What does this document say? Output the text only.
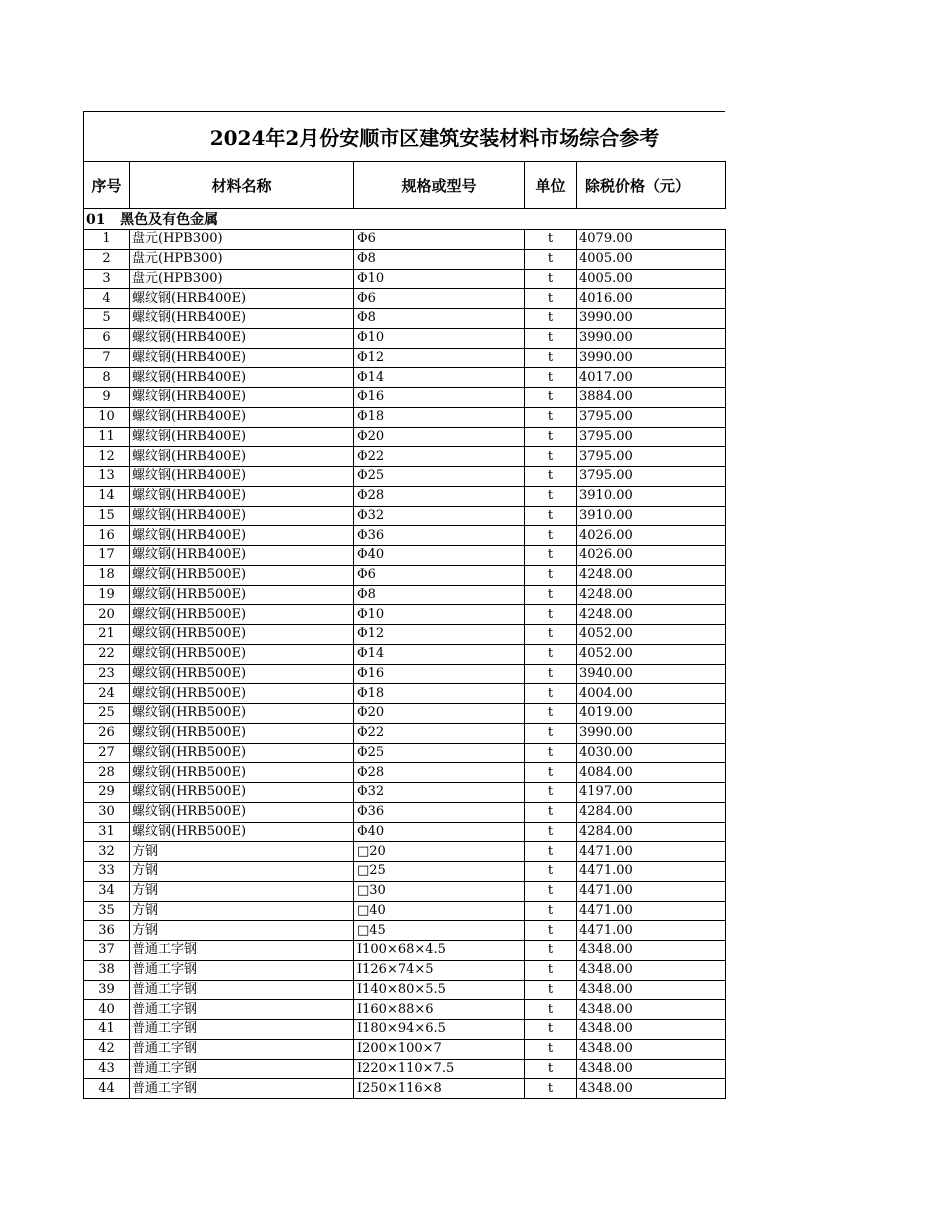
2024年2月份安顺市区建筑安装材料市场综合参考
序号	材料名称	规格或型号	单位	除税价格（元）
01 黑色及有色金属				
1	盘元(HPB300)	Φ6	t	4079.00
2	盘元(HPB300)	Φ8	t	4005.00
3	盘元(HPB300)	Φ10	t	4005.00
4	螺纹钢(HRB400E)	Φ6	t	4016.00
5	螺纹钢(HRB400E)	Φ8	t	3990.00
6	螺纹钢(HRB400E)	Φ10	t	3990.00
7	螺纹钢(HRB400E)	Φ12	t	3990.00
8	螺纹钢(HRB400E)	Φ14	t	4017.00
9	螺纹钢(HRB400E)	Φ16	t	3884.00
10	螺纹钢(HRB400E)	Φ18	t	3795.00
11	螺纹钢(HRB400E)	Φ20	t	3795.00
12	螺纹钢(HRB400E)	Φ22	t	3795.00
13	螺纹钢(HRB400E)	Φ25	t	3795.00
14	螺纹钢(HRB400E)	Φ28	t	3910.00
15	螺纹钢(HRB400E)	Φ32	t	3910.00
16	螺纹钢(HRB400E)	Φ36	t	4026.00
17	螺纹钢(HRB400E)	Φ40	t	4026.00
18	螺纹钢(HRB500E)	Φ6	t	4248.00
19	螺纹钢(HRB500E)	Φ8	t	4248.00
20	螺纹钢(HRB500E)	Φ10	t	4248.00
21	螺纹钢(HRB500E)	Φ12	t	4052.00
22	螺纹钢(HRB500E)	Φ14	t	4052.00
23	螺纹钢(HRB500E)	Φ16	t	3940.00
24	螺纹钢(HRB500E)	Φ18	t	4004.00
25	螺纹钢(HRB500E)	Φ20	t	4019.00
26	螺纹钢(HRB500E)	Φ22	t	3990.00
27	螺纹钢(HRB500E)	Φ25	t	4030.00
28	螺纹钢(HRB500E)	Φ28	t	4084.00
29	螺纹钢(HRB500E)	Φ32	t	4197.00
30	螺纹钢(HRB500E)	Φ36	t	4284.00
31	螺纹钢(HRB500E)	Φ40	t	4284.00
32	方钢	□20	t	4471.00
33	方钢	□25	t	4471.00
34	方钢	□30	t	4471.00
35	方钢	□40	t	4471.00
36	方钢	□45	t	4471.00
37	普通工字钢	I100×68×4.5	t	4348.00
38	普通工字钢	I126×74×5	t	4348.00
39	普通工字钢	I140×80×5.5	t	4348.00
40	普通工字钢	I160×88×6	t	4348.00
41	普通工字钢	I180×94×6.5	t	4348.00
42	普通工字钢	I200×100×7	t	4348.00
43	普通工字钢	I220×110×7.5	t	4348.00
44	普通工字钢	I250×116×8	t	4348.00
